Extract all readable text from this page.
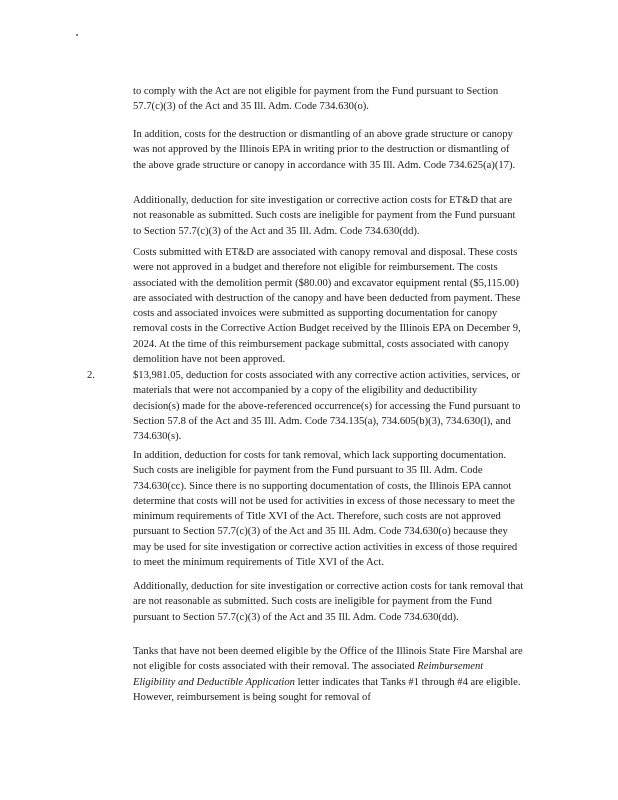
to comply with the Act are not eligible for payment from the Fund pursuant to Section 57.7(c)(3) of the Act and 35 Ill. Adm. Code 734.630(o).

In addition, costs for the destruction or dismantling of an above grade structure or canopy was not approved by the Illinois EPA in writing prior to the destruction or dismantling of the above grade structure or canopy in accordance with 35 Ill. Adm. Code 734.625(a)(17).

Additionally, deduction for site investigation or corrective action costs for ET&D that are not reasonable as submitted. Such costs are ineligible for payment from the Fund pursuant to Section 57.7(c)(3) of the Act and 35 Ill. Adm. Code 734.630(dd).

Costs submitted with ET&D are associated with canopy removal and disposal. These costs were not approved in a budget and therefore not eligible for reimbursement. The costs associated with the demolition permit ($80.00) and excavator equipment rental ($5,115.00) are associated with destruction of the canopy and have been deducted from payment. These costs and associated invoices were submitted as supporting documentation for canopy removal costs in the Corrective Action Budget received by the Illinois EPA on December 9, 2024. At the time of this reimbursement package submittal, costs associated with canopy demolition have not been approved.

2.	$13,981.05, deduction for costs associated with any corrective action activities, services, or materials that were not accompanied by a copy of the eligibility and deductibility decision(s) made for the above-referenced occurrence(s) for accessing the Fund pursuant to Section 57.8 of the Act and 35 Ill. Adm. Code 734.135(a), 734.605(b)(3), 734.630(l), and 734.630(s).

In addition, deduction for costs for tank removal, which lack supporting documentation. Such costs are ineligible for payment from the Fund pursuant to 35 Ill. Adm. Code 734.630(cc). Since there is no supporting documentation of costs, the Illinois EPA cannot determine that costs will not be used for activities in excess of those necessary to meet the minimum requirements of Title XVI of the Act. Therefore, such costs are not approved pursuant to Section 57.7(c)(3) of the Act and 35 Ill. Adm. Code 734.630(o) because they may be used for site investigation or corrective action activities in excess of those required to meet the minimum requirements of Title XVI of the Act.

Additionally, deduction for site investigation or corrective action costs for tank removal that are not reasonable as submitted. Such costs are ineligible for payment from the Fund pursuant to Section 57.7(c)(3) of the Act and 35 Ill. Adm. Code 734.630(dd).

Tanks that have not been deemed eligible by the Office of the Illinois State Fire Marshal are not eligible for costs associated with their removal. The associated Reimbursement Eligibility and Deductible Application letter indicates that Tanks #1 through #4 are eligible. However, reimbursement is being sought for removal of
